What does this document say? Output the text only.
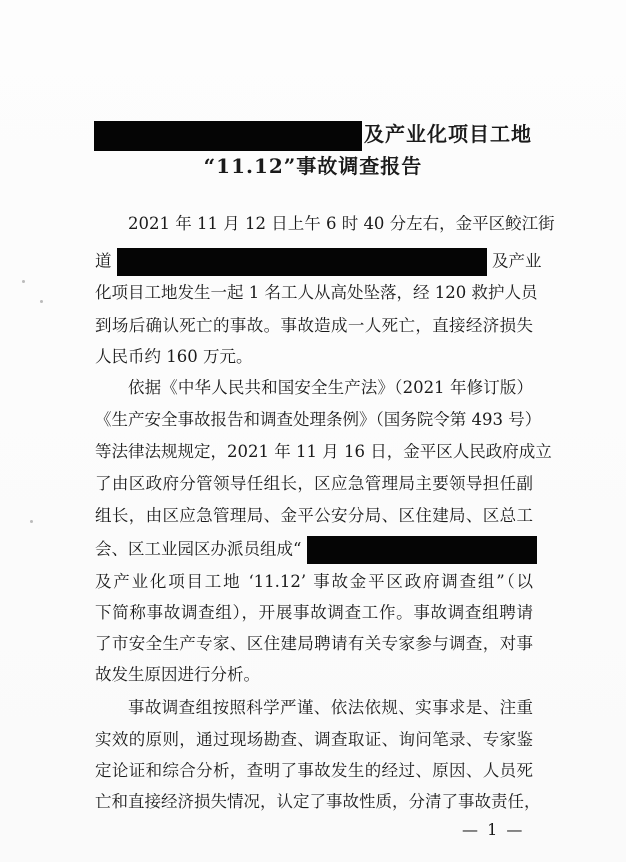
及产业化项目工地
“11.12”事故调查报告
2021 年 11 月 12 日上午 6 时 40 分左右，金平区鲛江街
道	及产业
化项目工地发生一起 1 名工人从高处坠落，经 120 救护人员
到场后确认死亡的事故。事故造成一人死亡，直接经济损失
人民币约 160 万元。
依据《中华人民共和国安全生产法》（2021 年修订版）
《生产安全事故报告和调查处理条例》（国务院令第 493 号）
等法律法规规定，2021 年 11 月 16 日，金平区人民政府成立
了由区政府分管领导任组长，区应急管理局主要领导担任副
组长，由区应急管理局、金平公安分局、区住建局、区总工
会、区工业园区办派员组成“
及产业化项目工地 ‘11.12’ 事故金平区政府调查组”（以
下简称事故调查组），开展事故调查工作。事故调查组聘请
了市安全生产专家、区住建局聘请有关专家参与调查，对事
故发生原因进行分析。
事故调查组按照科学严谨、依法依规、实事求是、注重
实效的原则，通过现场勘查、调查取证、询问笔录、专家鉴
定论证和综合分析，查明了事故发生的经过、原因、人员死
亡和直接经济损失情况，认定了事故性质，分清了事故责任，
— 1 —
